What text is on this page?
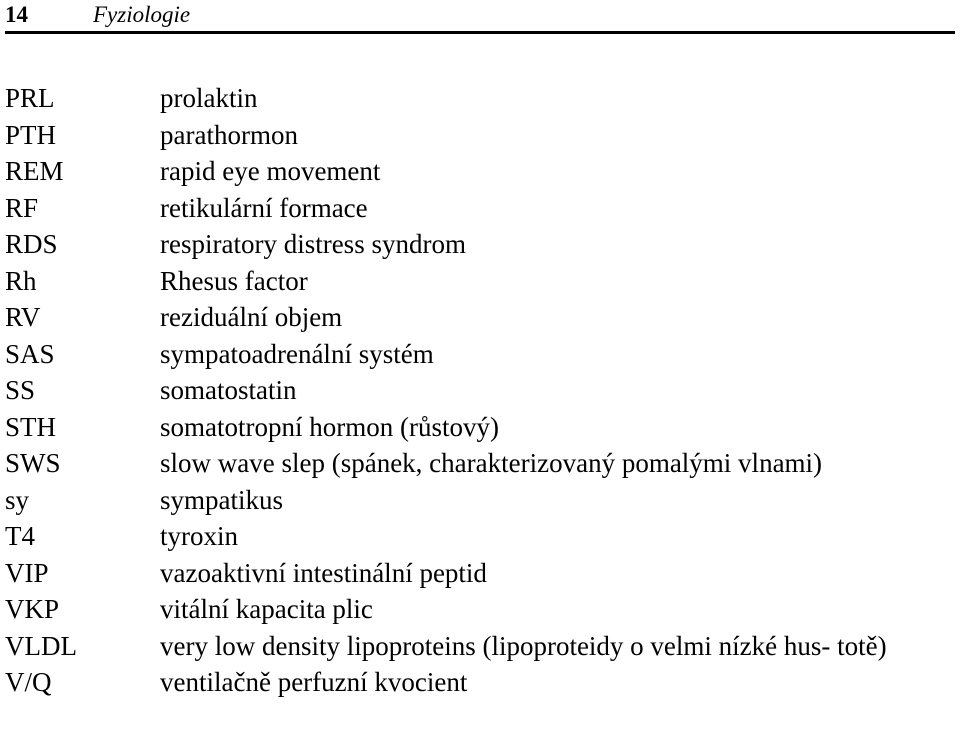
14	Fyziologie
PRL	prolaktin
PTH	parathormon
REM	rapid eye movement
RF	retikulární formace
RDS	respiratory distress syndrom
Rh	Rhesus factor
RV	reziduální objem
SAS	sympatoadrenální systém
SS	somatostatin
STH	somatotropní hormon (růstový)
SWS	slow wave slep (spánek, charakterizovaný pomalými vlnami)
sy	sympatikus
T4	tyroxin
VIP	vazoaktivní intestinální peptid
VKP	vitální kapacita plic
VLDL	very low density lipoproteins (lipoproteidy o velmi nízké hus- totě)
V/Q	ventilačně perfuzní kvocient
